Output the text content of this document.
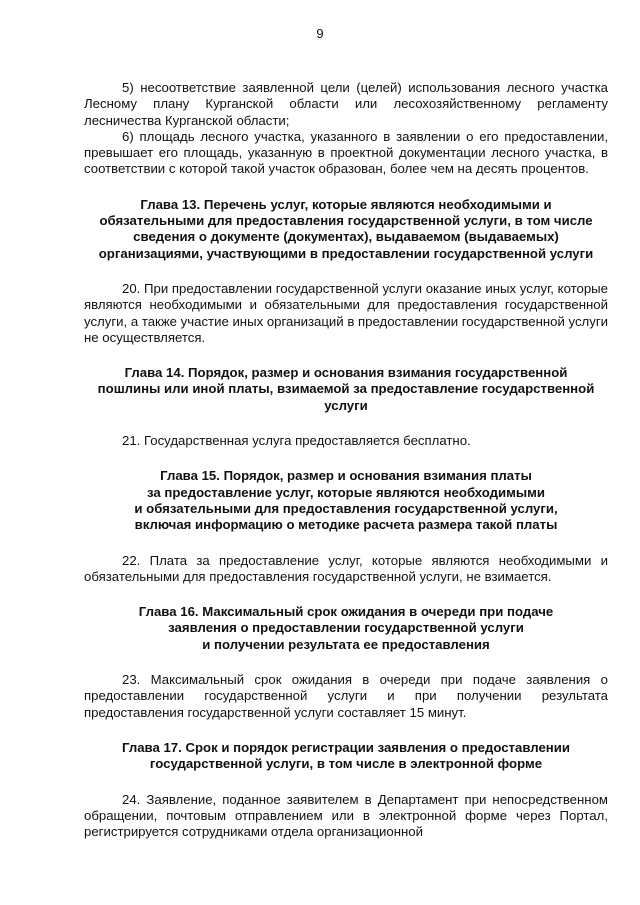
9

5) несоответствие заявленной цели (целей) использования лесного участка Лесному плану Курганской области или лесохозяйственному регламенту лесничества Курганской области;

6) площадь лесного участка, указанного в заявлении о его предоставлении, превышает его площадь, указанную в проектной документации лесного участка, в соответствии с которой такой участок образован, более чем на десять процентов.

Глава 13. Перечень услуг, которые являются необходимыми и
обязательными для предоставления государственной услуги, в том числе
сведения о документе (документах), выдаваемом (выдаваемых)
организациями, участвующими в предоставлении государственной услуги

20. При предоставлении государственной услуги оказание иных услуг, которые являются необходимыми и обязательными для предоставления государственной услуги, а также участие иных организаций в предоставлении государственной услуги не осуществляется.

Глава 14. Порядок, размер и основания взимания государственной
пошлины или иной платы, взимаемой за предоставление государственной
услуги

21. Государственная услуга предоставляется бесплатно.

Глава 15. Порядок, размер и основания взимания платы
за предоставление услуг, которые являются необходимыми
и обязательными для предоставления государственной услуги,
включая информацию о методике расчета размера такой платы

22. Плата за предоставление услуг, которые являются необходимыми и обязательными для предоставления государственной услуги, не взимается.

Глава 16. Максимальный срок ожидания в очереди при подаче
заявления о предоставлении государственной услуги
и получении результата ее предоставления

23. Максимальный срок ожидания в очереди при подаче заявления о предоставлении государственной услуги и при получении результата предоставления государственной услуги составляет 15 минут.

Глава 17. Срок и порядок регистрации заявления о предоставлении
государственной услуги, в том числе в электронной форме

24. Заявление, поданное заявителем в Департамент при непосредственном обращении, почтовым отправлением или в электронной форме через Портал, регистрируется сотрудниками отдела организационной
